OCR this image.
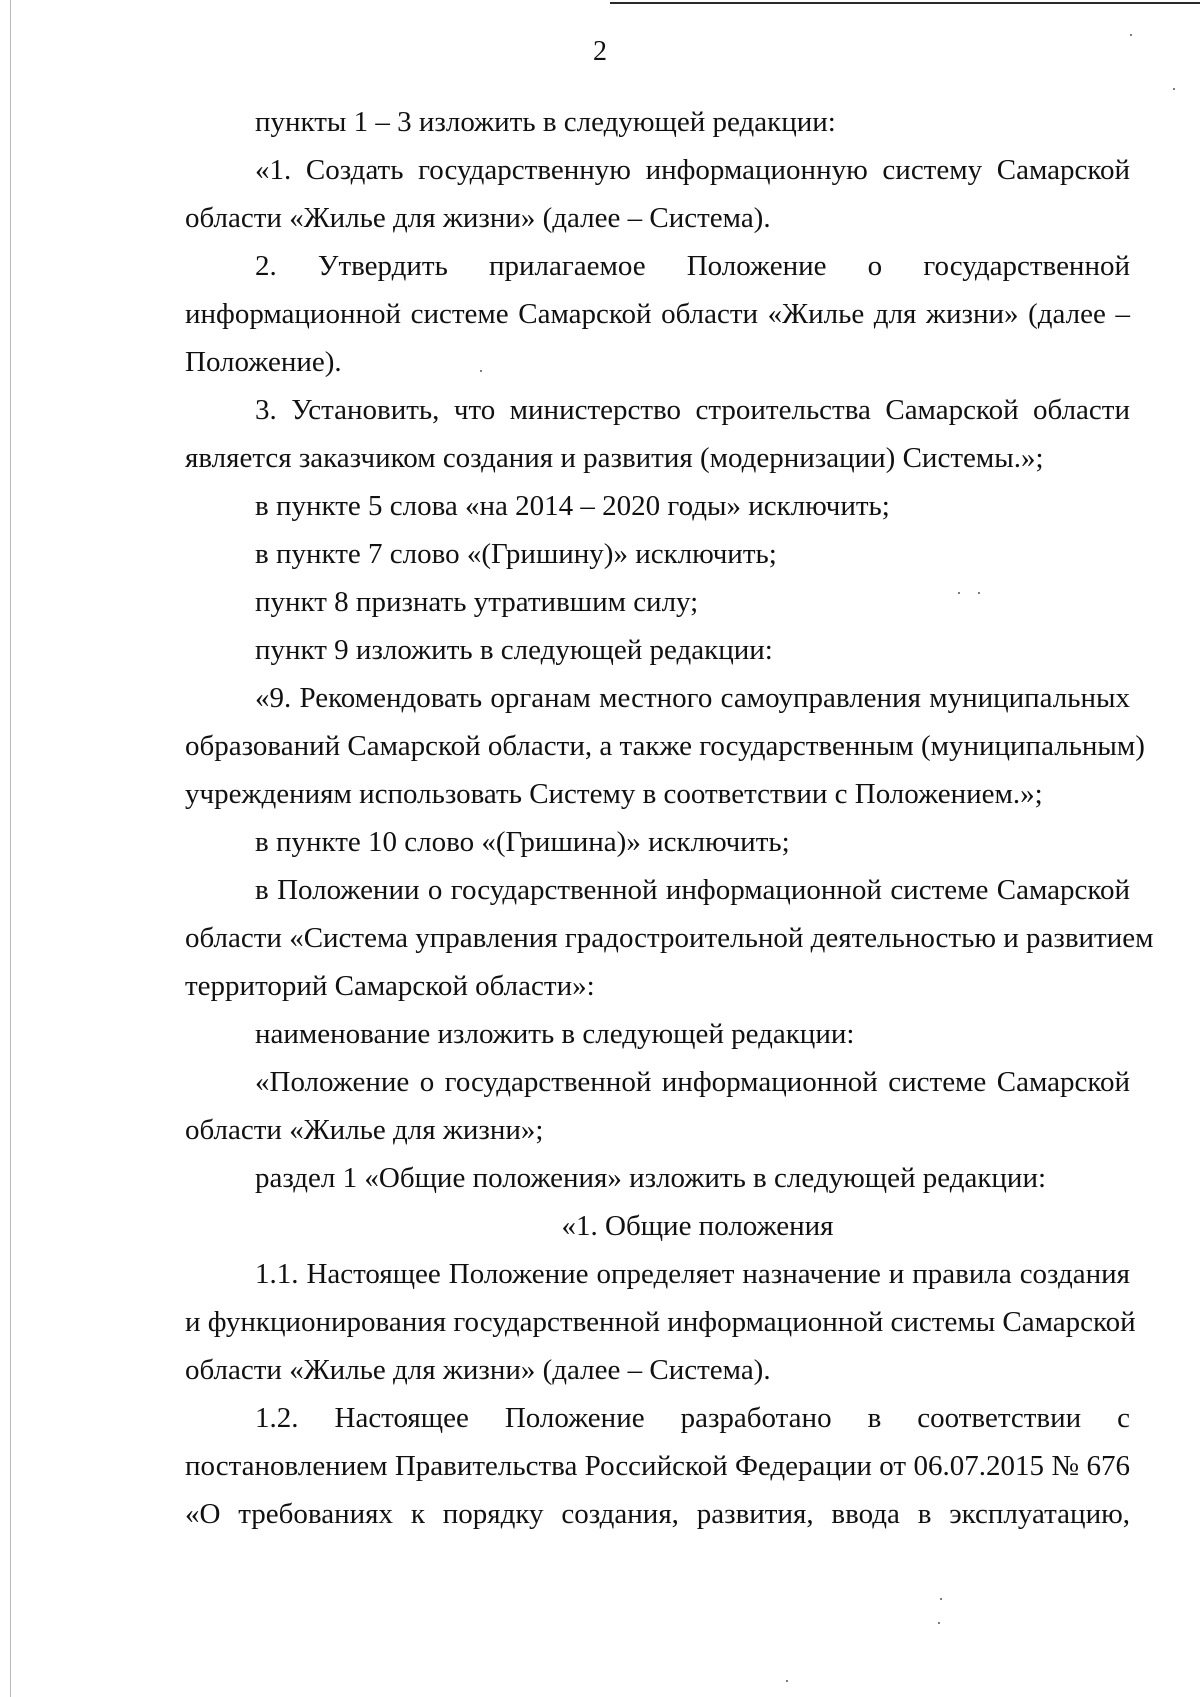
2
пункты 1 – 3 изложить в следующей редакции:
«1. Создать государственную информационную систему Самарской
области «Жилье для жизни» (далее – Система).
2. Утвердить прилагаемое Положение о государственной
информационной системе Самарской области «Жилье для жизни» (далее –
Положение).
3. Установить, что министерство строительства Самарской области
является заказчиком создания и развития (модернизации) Системы.»;
в пункте 5 слова «на 2014 – 2020 годы» исключить;
в пункте 7 слово «(Гришину)» исключить;
пункт 8 признать утратившим силу;
пункт 9 изложить в следующей редакции:
«9. Рекомендовать органам местного самоуправления муниципальных
образований Самарской области, а также государственным (муниципальным)
учреждениям использовать Систему в соответствии с Положением.»;
в пункте 10 слово «(Гришина)» исключить;
в Положении о государственной информационной системе Самарской
области «Система управления градостроительной деятельностью и развитием
территорий Самарской области»:
наименование изложить в следующей редакции:
«Положение о государственной информационной системе Самарской
области «Жилье для жизни»;
раздел 1 «Общие положения» изложить в следующей редакции:
«1. Общие положения
1.1. Настоящее Положение определяет назначение и правила создания
и функционирования государственной информационной системы Самарской
области «Жилье для жизни» (далее – Система).
1.2. Настоящее Положение разработано в соответствии с
постановлением Правительства Российской Федерации от 06.07.2015 № 676
«О требованиях к порядку создания, развития, ввода в эксплуатацию,
